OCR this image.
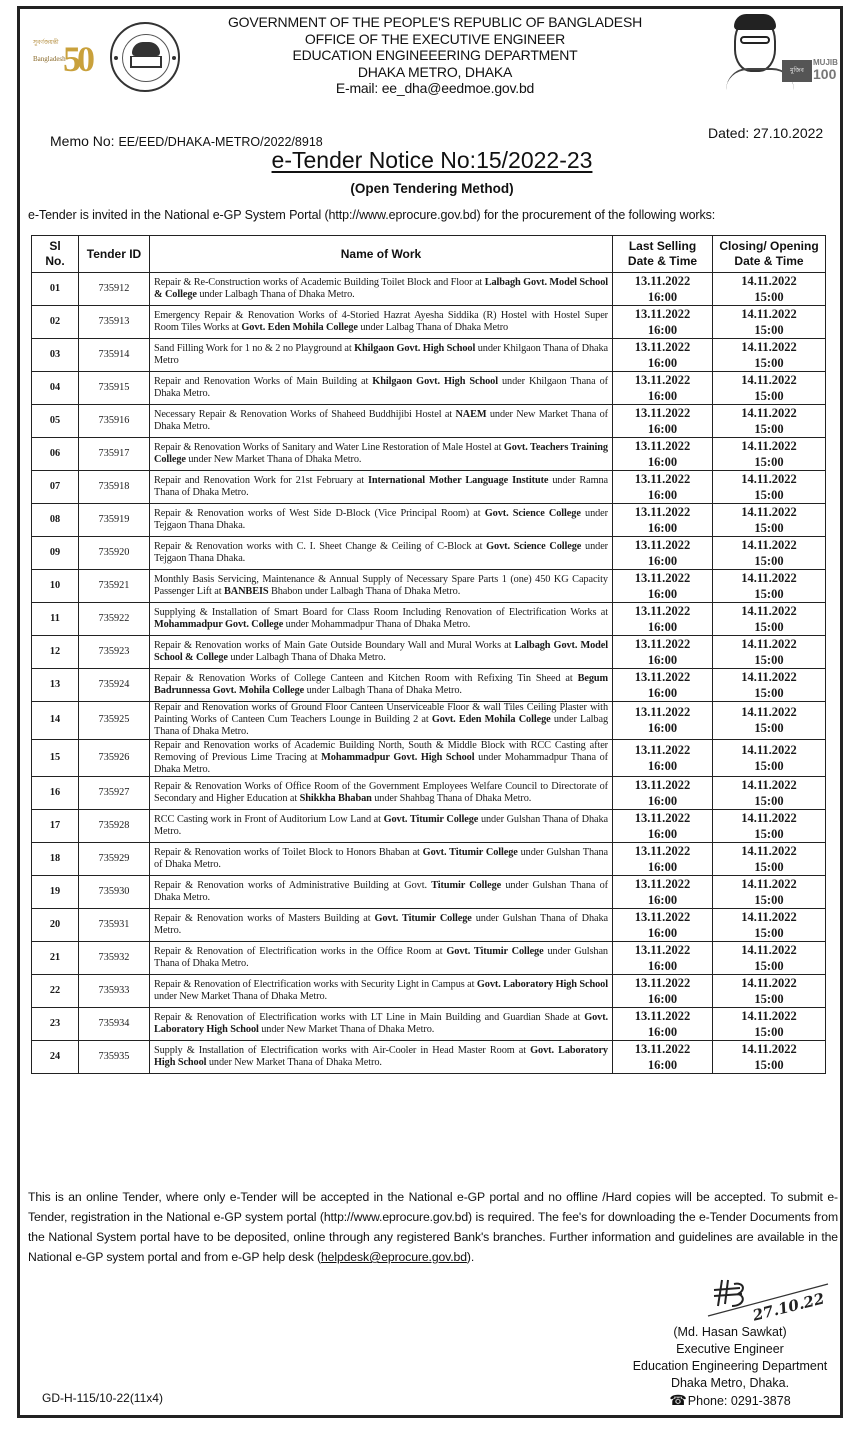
সুবর্ণজয়ন্তী
Bangladesh
50
GOVERNMENT OF THE PEOPLE'S REPUBLIC OF BANGLADESH
OFFICE OF THE EXECUTIVE ENGINEER
EDUCATION ENGINEEERING DEPARTMENT
DHAKA METRO, DHAKA
E-mail: ee_dha@eedmoe.gov.bd
মুজিব
MUJIB
100
Memo No: EE/EED/DHAKA-METRO/2022/8918
Dated: 27.10.2022
e-Tender Notice No:15/2022-23
(Open Tendering Method)
e-Tender is invited in the National e-GP System Portal (http://www.eprocure.gov.bd) for the procurement of the following works:
Sl
No.	Tender ID	Name of Work	Last Selling
Date & Time	Closing/ Opening
Date & Time
01	735912	Repair & Re-Construction works of Academic Building Toilet Block and Floor at Lalbagh Govt. Model School & College under Lalbagh Thana of Dhaka Metro.	13.11.2022
16:00	14.11.2022
15:00

02	735913	Emergency Repair & Renovation Works of 4-Storied Hazrat Ayesha Siddika (R) Hostel with Hostel Super Room Tiles Works at Govt. Eden Mohila College under Lalbag Thana of Dhaka Metro	13.11.2022
16:00	14.11.2022
15:00

03	735914	Sand Filling Work for 1 no & 2 no Playground at Khilgaon Govt. High School under Khilgaon Thana of Dhaka Metro	13.11.2022
16:00	14.11.2022
15:00

04	735915	Repair and Renovation Works of Main Building at Khilgaon Govt. High School under Khilgaon Thana of Dhaka Metro.	13.11.2022
16:00	14.11.2022
15:00

05	735916	Necessary Repair & Renovation Works of Shaheed Buddhijibi Hostel at NAEM under New Market Thana of Dhaka Metro.	13.11.2022
16:00	14.11.2022
15:00

06	735917	Repair & Renovation Works of Sanitary and Water Line Restoration of Male Hostel at Govt. Teachers Training College under New Market Thana of Dhaka Metro.	13.11.2022
16:00	14.11.2022
15:00

07	735918	Repair and Renovation Work for 21st February at International Mother Language Institute under Ramna Thana of Dhaka Metro.	13.11.2022
16:00	14.11.2022
15:00

08	735919	Repair & Renovation works of West Side D-Block (Vice Principal Room) at Govt. Science College under Tejgaon Thana Dhaka.	13.11.2022
16:00	14.11.2022
15:00

09	735920	Repair & Renovation works with C. I. Sheet Change & Ceiling of C-Block at Govt. Science College under Tejgaon Thana Dhaka.	13.11.2022
16:00	14.11.2022
15:00

10	735921	Monthly Basis Servicing, Maintenance & Annual Supply of Necessary Spare Parts 1 (one) 450 KG Capacity Passenger Lift at BANBEIS Bhabon under Lalbagh Thana of Dhaka Metro.	13.11.2022
16:00	14.11.2022
15:00

11	735922	Supplying & Installation of Smart Board for Class Room Including Renovation of Electrification Works at Mohammadpur Govt. College under Mohammadpur Thana of Dhaka Metro.	13.11.2022
16:00	14.11.2022
15:00

12	735923	Repair & Renovation works of Main Gate Outside Boundary Wall and Mural Works at Lalbagh Govt. Model School & College under Lalbagh Thana of Dhaka Metro.	13.11.2022
16:00	14.11.2022
15:00

13	735924	Repair & Renovation Works of College Canteen and Kitchen Room with Refixing Tin Sheed at Begum Badrunnessa Govt. Mohila College under Lalbagh Thana of Dhaka Metro.	13.11.2022
16:00	14.11.2022
15:00

14	735925	Repair and Renovation works of Ground Floor Canteen Unserviceable Floor & wall Tiles Ceiling Plaster with Painting Works of Canteen Cum Teachers Lounge in Building 2 at Govt. Eden Mohila College under Lalbag Thana of Dhaka Metro.	13.11.2022
16:00	14.11.2022
15:00

15	735926	Repair and Renovation works of Academic Building North, South & Middle Block with RCC Casting after Removing of Previous Lime Tracing at Mohammadpur Govt. High School under Mohammadpur Thana of Dhaka Metro.	13.11.2022
16:00	14.11.2022
15:00

16	735927	Repair & Renovation Works of Office Room of the Government Employees Welfare Council to Directorate of Secondary and Higher Education at Shikkha Bhaban under Shahbag Thana of Dhaka Metro.	13.11.2022
16:00	14.11.2022
15:00

17	735928	RCC Casting work in Front of Auditorium Low Land at Govt. Titumir College under Gulshan Thana of Dhaka Metro.	13.11.2022
16:00	14.11.2022
15:00

18	735929	Repair & Renovation works of Toilet Block to Honors Bhaban at Govt. Titumir College under Gulshan Thana of Dhaka Metro.	13.11.2022
16:00	14.11.2022
15:00

19	735930	Repair & Renovation works of Administrative Building at Govt. Titumir College under Gulshan Thana of Dhaka Metro.	13.11.2022
16:00	14.11.2022
15:00

20	735931	Repair & Renovation works of Masters Building at Govt. Titumir College under Gulshan Thana of Dhaka Metro.	13.11.2022
16:00	14.11.2022
15:00

21	735932	Repair & Renovation of Electrification works in the Office Room at Govt. Titumir College under Gulshan Thana of Dhaka Metro.	13.11.2022
16:00	14.11.2022
15:00

22	735933	Repair & Renovation of Electrification works with Security Light in Campus at Govt. Laboratory High School under New Market Thana of Dhaka Metro.	13.11.2022
16:00	14.11.2022
15:00

23	735934	Repair & Renovation of Electrification works with LT Line in Main Building and Guardian Shade at Govt. Laboratory High School under New Market Thana of Dhaka Metro.	13.11.2022
16:00	14.11.2022
15:00

24	735935	Supply & Installation of Electrification works with Air-Cooler in Head Master Room at Govt. Laboratory High School under New Market Thana of Dhaka Metro.	13.11.2022
16:00	14.11.2022
15:00
This is an online Tender, where only e-Tender will be accepted in the National e-GP portal and no offline /Hard copies will be accepted. To submit e-Tender, registration in the National e-GP system portal (http://www.eprocure.gov.bd) is required. The fee's for downloading the e-Tender Documents from the National System portal have to be deposited, online through any registered Bank's branches. Further information and guidelines are available in the National e-GP system portal and from e-GP help desk (helpdesk@eprocure.gov.bd).
27.10.22
(Md. Hasan Sawkat)
Executive Engineer
Education Engineering Department
Dhaka Metro, Dhaka.
☎Phone: 0291-3878
GD-H-115/10-22(11x4)
